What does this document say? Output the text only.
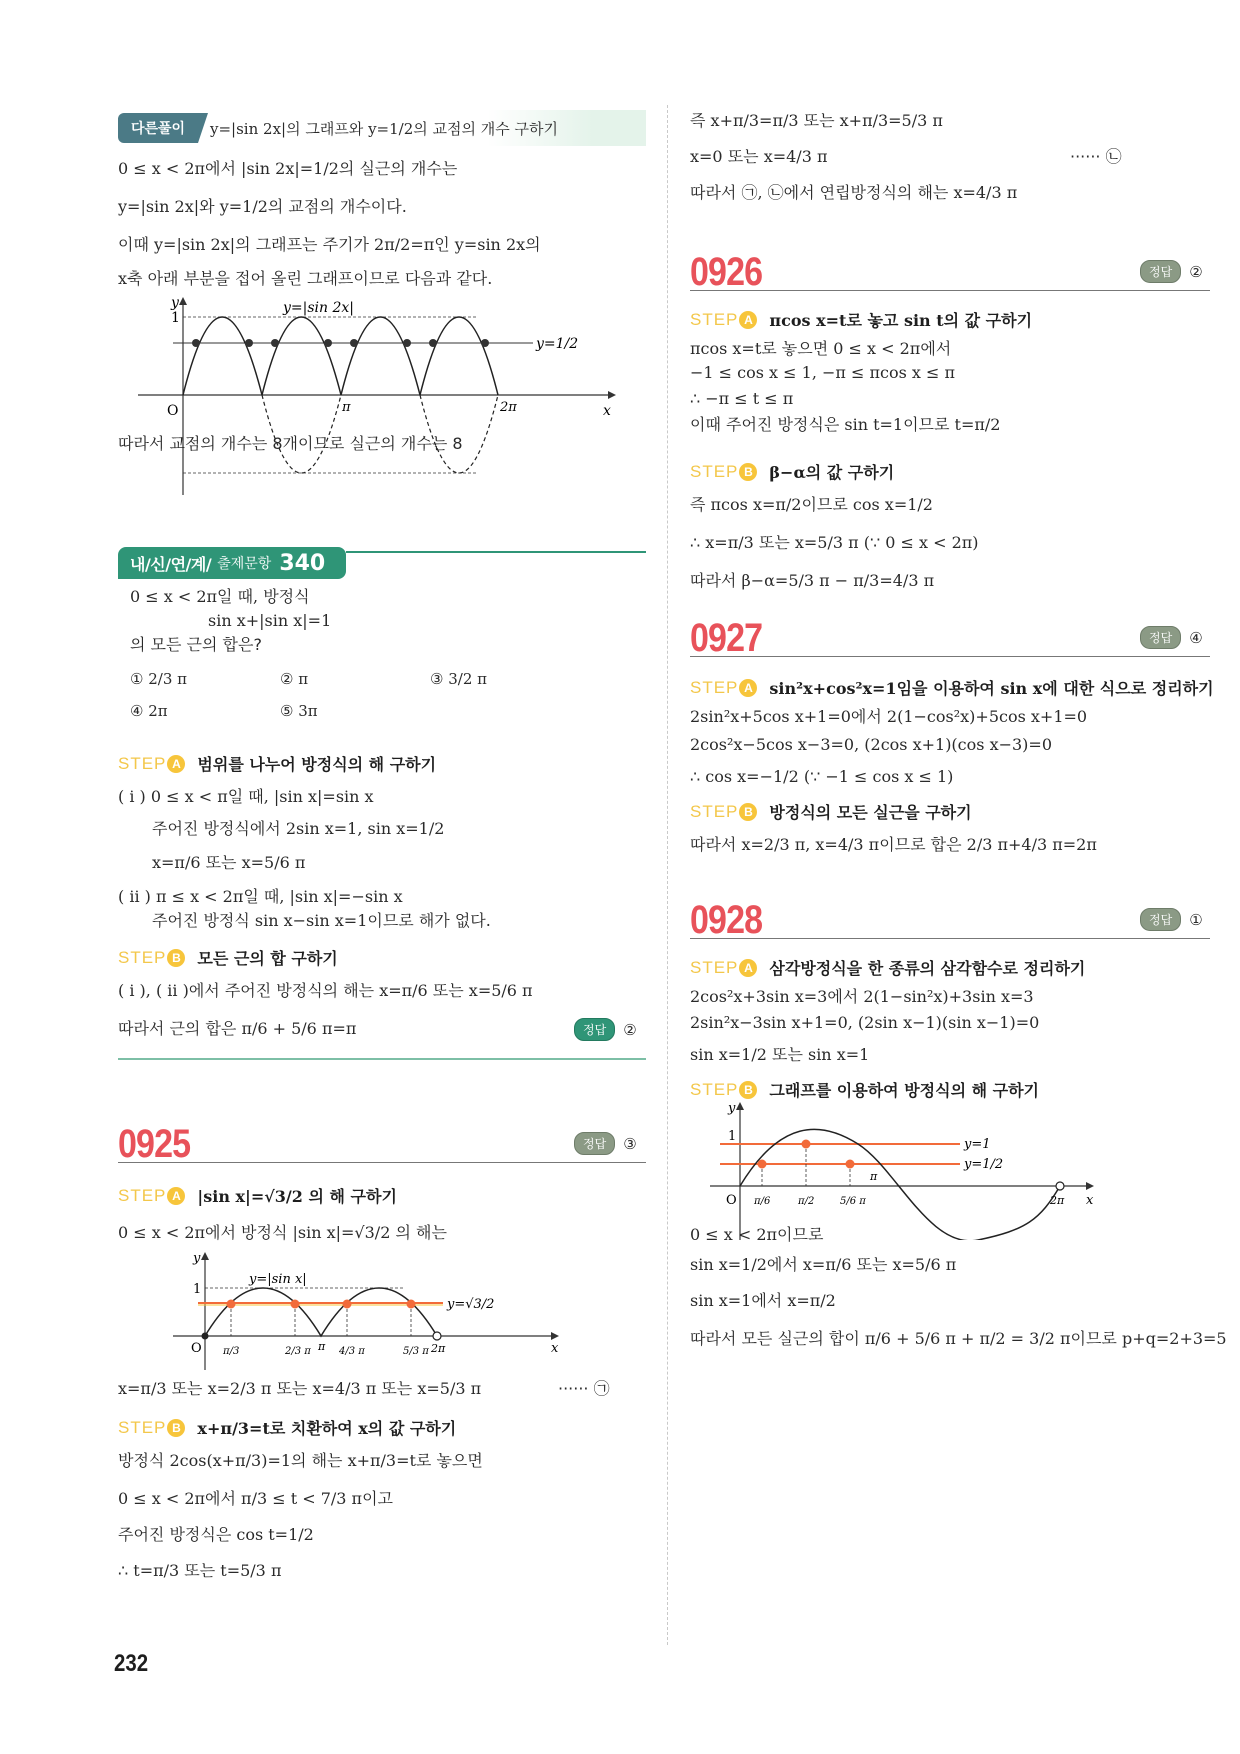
다른풀이	y=|sin 2x|의 그래프와 y=1/2의 교점의 개수 구하기
0 ≤ x < 2π에서 |sin 2x|=1/2의 실근의 개수는
y=|sin 2x|와 y=1/2의 교점의 개수이다.
이때 y=|sin 2x|의 그래프는 주기가 2π/2=π인 y=sin 2x의
x축 아래 부분을 접어 올린 그래프이므로 다음과 같다.
y
1
O	π	2π	x
y=|sin 2x|
y=1/2
따라서 교점의 개수는 8개이므로 실근의 개수는 8
내/신/연/계/ 출제문항 340
0 ≤ x < 2π일 때, 방정식
sin x+|sin x|=1
의 모든 근의 합은?
① 2/3 π	② π	③ 3/2 π
④ 2π	⑤ 3π
STEP A 범위를 나누어 방정식의 해 구하기
( i ) 0 ≤ x < π일 때, |sin x|=sin x
주어진 방정식에서 2sin x=1, sin x=1/2
x=π/6 또는 x=5/6 π
( ii ) π ≤ x < 2π일 때, |sin x|=−sin x
주어진 방정식 sin x−sin x=1이므로 해가 없다.
STEP B 모든 근의 합 구하기
( i ), ( ii )에서 주어진 방정식의 해는 x=π/6 또는 x=5/6 π
따라서 근의 합은 π/6 + 5/6 π=π	정답	②
0925	정답	③
STEP A |sin x|=√3/2 의 해 구하기
0 ≤ x < 2π에서 방정식 |sin x|=√3/2 의 해는
y
1
O
y=|sin x|
y=√3/2
π/3	2/3 π π 4/3 π	5/3 π 2π	x
x=π/3 또는 x=2/3 π 또는 x=4/3 π 또는 x=5/3 π	······ ㉠
STEP B x+π/3=t로 치환하여 x의 값 구하기
방정식 2cos(x+π/3)=1의 해는 x+π/3=t로 놓으면
0 ≤ x < 2π에서 π/3 ≤ t < 7/3 π이고
주어진 방정식은 cos t=1/2
∴ t=π/3 또는 t=5/3 π
232
즉 x+π/3=π/3 또는 x+π/3=5/3 π
x=0 또는 x=4/3 π	······ ㉡
따라서 ㉠, ㉡에서 연립방정식의 해는 x=4/3 π
0926	정답	②
STEP A πcos x=t로 놓고 sin t의 값 구하기
πcos x=t로 놓으면 0 ≤ x < 2π에서
−1 ≤ cos x ≤ 1, −π ≤ πcos x ≤ π
∴ −π ≤ t ≤ π
이때 주어진 방정식은 sin t=1이므로 t=π/2
STEP B β−α의 값 구하기
즉 πcos x=π/2이므로 cos x=1/2
∴ x=π/3 또는 x=5/3 π (∵ 0 ≤ x < 2π)
따라서 β−α=5/3 π − π/3=4/3 π
0927	정답	④
STEP A sin²x+cos²x=1임을 이용하여 sin x에 대한 식으로 정리하기
2sin²x+5cos x+1=0에서 2(1−cos²x)+5cos x+1=0
2cos²x−5cos x−3=0, (2cos x+1)(cos x−3)=0
∴ cos x=−1/2 (∵ −1 ≤ cos x ≤ 1)
STEP B 방정식의 모든 실근을 구하기
따라서 x=2/3 π, x=4/3 π이므로 합은 2/3 π+4/3 π=2π
0928	정답	①
STEP A 삼각방정식을 한 종류의 삼각함수로 정리하기
2cos²x+3sin x=3에서 2(1−sin²x)+3sin x=3
2sin²x−3sin x+1=0, (2sin x−1)(sin x−1)=0
sin x=1/2 또는 sin x=1
STEP B 그래프를 이용하여 방정식의 해 구하기
y
1
O π/6	π/2	5/6 π
π
2π x
y=1
y=1/2
0 ≤ x < 2π이므로
sin x=1/2에서 x=π/6 또는 x=5/6 π
sin x=1에서 x=π/2
따라서 모든 실근의 합이 π/6 + 5/6 π + π/2 = 3/2 π이므로 p+q=2+3=5
